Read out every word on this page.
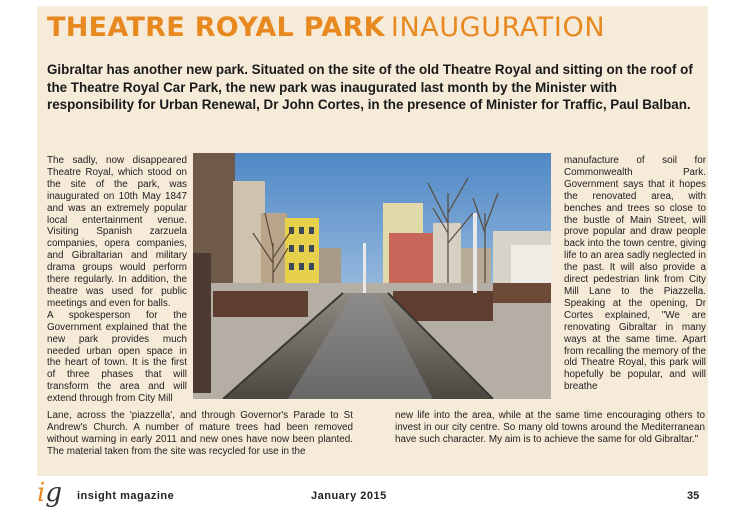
THEATRE ROYAL PARK INAUGURATION
Gibraltar has another new park. Situated on the site of the old Theatre Royal and sitting on the roof of the Theatre Royal Car Park, the new park was inaugurated last month by the Minister with responsibility for Urban Renewal, Dr John Cortes, in the presence of Minister for Traffic, Paul Balban.

The sadly, now disappeared Theatre Royal, which stood on the site of the park, was inaugurated on 10th May 1847 and was an extremely popular local entertainment venue. Visiting Spanish zarzuela companies, opera companies, and Gibraltarian and military drama groups would perform there regularly. In addition, the theatre was used for public meetings and even for balls.

A spokesperson for the Government explained that the new park provides much needed urban open space in the heart of town. It is the first of three phases that will transform the area and will extend through from City Mill

manufacture of soil for Commonwealth Park. Government says that it hopes the renovated area, with benches and trees so close to the bustle of Main Street, will prove popular and draw people back into the town centre, giving life to an area sadly neglected in the past. It will also provide a direct pedestrian link from City Mill Lane to the Piazzella. Speaking at the opening, Dr Cortes explained, "We are renovating Gibraltar in many ways at the same time. Apart from recalling the memory of the old Theatre Royal, this park will hopefully be popular, and will breathe
Lane, across the 'piazzella', and through Governor's Parade to St Andrew's Church. A number of mature trees had been removed without warning in early 2011 and new ones have now been planted. The material taken from the site was recycled for use in the
new life into the area, while at the same time encouraging others to invest in our city centre. So many old towns around the Mediterranean have such character. My aim is to achieve the same for old Gibraltar."
ig insight magazine	January 2015	35
